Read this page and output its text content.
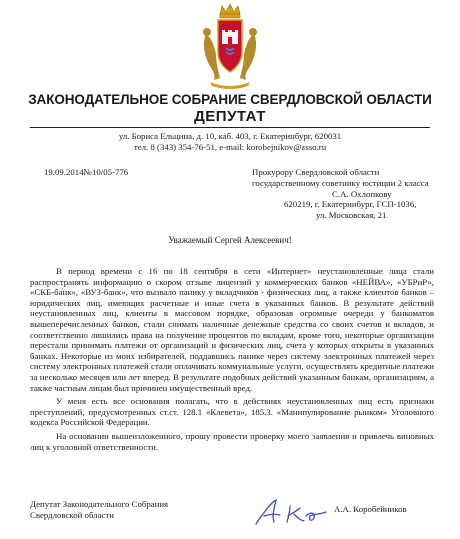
ЗАКОНОДАТЕЛЬНОЕ СОБРАНИЕ СВЕРДЛОВСКОЙ ОБЛАСТИ
ДЕПУТАТ
ул. Бориса Ельцина, д. 10, каб. 403, г. Екатеринбург, 620031
тел. 8 (343) 354-76-51, e-mail: korobejnikov@zsso.ru
19.09.2014№10/05-776	Прокурору Свердловской области
государственному советнику юстиции 2 класса
С.А. Охлопкову
620219, г. Екатеринбург, ГСП-1036,
ул. Московская, 21
Уважаемый Сергей Алексеевич!

В период времени с 16 по 18 сентября в сети «Интернет» неустановленные лица стали распространять информацию о скором отзыве лицензий у коммерческих банков «НЕЙВА», «УБРиР», «СКБ-банк», «ВУЗ-банк», что вызвало панику у вкладчиков - физических лиц, а также клиентов банков – юридических лиц, имеющих расчетные и иные счета в указанных банков. В результате действий неустановленных лиц, клиенты в массовом порядке, образовав огромные очереди у банкоматов вышеперечисленных банков, стали снимать наличные денежные средства со своих счетов и вкладов, и соответственно лишились права на получение процентов по вкладам, кроме того, некоторые организации перестали принимать платежи от организаций и физических лиц, счета у которых открыты в указанных банках. Некоторые из моих избирателей, поддавшись панике через систему электронных платежей через систему электронных платежей стали оплачивать коммунальные услуги, осуществлять кредитные платежи за несколько месяцев или лет вперед. В результате подобных действий указанным банкам, организациям, а также частным лицам был причинен имущественный вред.

У меня есть все основания полагать, что в действиях неустановленных лиц есть признаки преступлений, предусмотренных ст.ст. 128.1 «Клевета», 185.3. «Манипулирование рынком» Уголовного кодекса Российской Федерации.

На основании вышеизложенного, прошу провести проверку моего заявления и привлечь виновных лиц к уголовной ответственности.

Депутат Законодательного Собрания
Свердловской области
А.А. Коробейников
